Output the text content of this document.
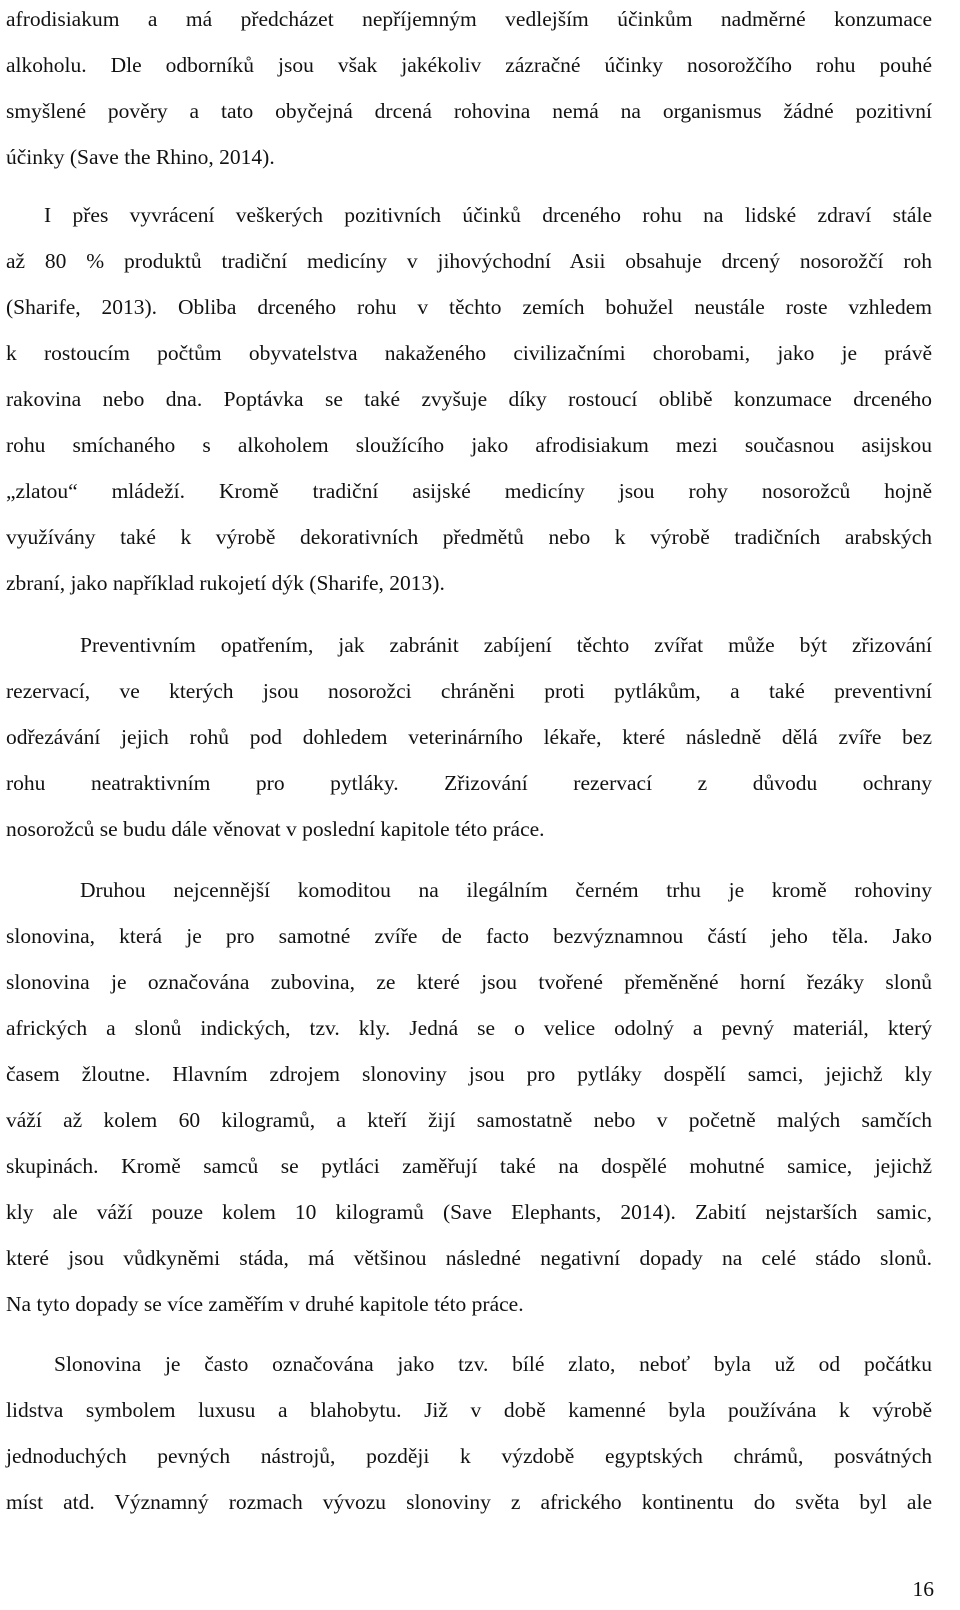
afrodisiakum a má předcházet nepříjemným vedlejším účinkům nadměrné konzumace
alkoholu. Dle odborníků jsou však jakékoliv zázračné účinky nosorožčího rohu pouhé
smyšlené pověry a tato obyčejná drcená rohovina nemá na organismus žádné pozitivní
účinky (Save the Rhino, 2014).
I přes vyvrácení veškerých pozitivních účinků drceného rohu na lidské zdraví stále
až 80 % produktů tradiční medicíny v jihovýchodní Asii obsahuje drcený nosorožčí roh
(Sharife, 2013). Obliba drceného rohu v těchto zemích bohužel neustále roste vzhledem
k rostoucím počtům obyvatelstva nakaženého civilizačními chorobami, jako je právě
rakovina nebo dna. Poptávka se také zvyšuje díky rostoucí oblibě konzumace drceného
rohu smíchaného s alkoholem sloužícího jako afrodisiakum mezi současnou asijskou
„zlatou“ mládeží. Kromě tradiční asijské medicíny jsou rohy nosorožců hojně
využívány také k výrobě dekorativních předmětů nebo k výrobě tradičních arabských
zbraní, jako například rukojetí dýk (Sharife, 2013).
Preventivním opatřením, jak zabránit zabíjení těchto zvířat může být zřizování
rezervací, ve kterých jsou nosorožci chráněni proti pytlákům, a také preventivní
odřezávání jejich rohů pod dohledem veterinárního lékaře, které následně dělá zvíře bez
rohu neatraktivním pro pytláky. Zřizování rezervací z důvodu ochrany
nosorožců se budu dále věnovat v poslední kapitole této práce.
Druhou nejcennější komoditou na ilegálním černém trhu je kromě rohoviny
slonovina, která je pro samotné zvíře de facto bezvýznamnou částí jeho těla. Jako
slonovina je označována zubovina, ze které jsou tvořené přeměněné horní řezáky slonů
afrických a slonů indických, tzv. kly. Jedná se o velice odolný a pevný materiál, který
časem žloutne. Hlavním zdrojem slonoviny jsou pro pytláky dospělí samci, jejichž kly
váží až kolem 60 kilogramů, a kteří žijí samostatně nebo v početně malých samčích
skupinách. Kromě samců se pytláci zaměřují také na dospělé mohutné samice, jejichž
kly ale váží pouze kolem 10 kilogramů (Save Elephants, 2014). Zabití nejstarších samic,
které jsou vůdkyněmi stáda, má většinou následné negativní dopady na celé stádo slonů.
Na tyto dopady se více zaměřím v druhé kapitole této práce.
Slonovina je často označována jako tzv. bílé zlato, neboť byla už od počátku
lidstva symbolem luxusu a blahobytu. Již v době kamenné byla používána k výrobě
jednoduchých pevných nástrojů, později k výzdobě egyptských chrámů, posvátných
míst atd. Významný rozmach vývozu slonoviny z afrického kontinentu do světa byl ale
16
